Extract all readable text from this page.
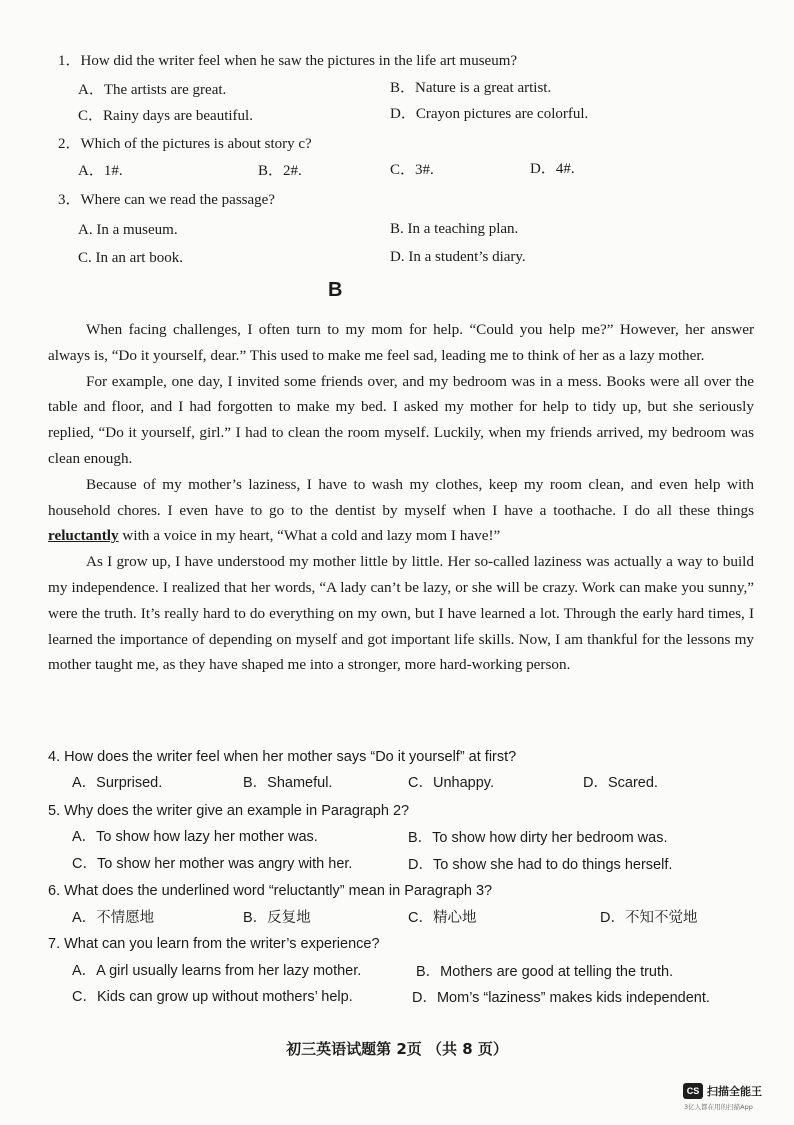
1．How did the writer feel when he saw the pictures in the life art museum?
A．The artists are great.	B．Nature is a great artist.
C．Rainy days are beautiful.	D．Crayon pictures are colorful.
2．Which of the pictures is about story c?
A．1#.	B．2#.	C．3#.	D．4#.
3．Where can we read the passage?
A. In a museum.	B. In a teaching plan.
C. In an art book.	D. In a student’s diary.
B

When facing challenges, I often turn to my mom for help. “Could you help me?” However, her answer always is, “Do it yourself, dear.” This used to make me feel sad, leading me to think of her as a lazy mother.

For example, one day, I invited some friends over, and my bedroom was in a mess. Books were all over the table and floor, and I had forgotten to make my bed. I asked my mother for help to tidy up, but she seriously replied, “Do it yourself, girl.” I had to clean the room myself. Luckily, when my friends arrived, my bedroom was clean enough.

Because of my mother’s laziness, I have to wash my clothes, keep my room clean, and even help with household chores. I even have to go to the dentist by myself when I have a toothache. I do all these things reluctantly with a voice in my heart, “What a cold and lazy mom I have!”

As I grow up, I have understood my mother little by little. Her so-called laziness was actually a way to build my independence. I realized that her words, “A lady can’t be lazy, or she will be crazy. Work can make you sunny,” were the truth. It’s really hard to do everything on my own, but I have learned a lot. Through the early hard times, I learned the importance of depending on myself and got important life skills. Now, I am thankful for the lessons my mother taught me, as they have shaped me into a stronger, more hard-working person.

4. How does the writer feel when her mother says “Do it yourself” at first?
A．Surprised.	B．Shameful.	C．Unhappy.	D．Scared.
5. Why does the writer give an example in Paragraph 2?
A．To show how lazy her mother was.	B．To show how dirty her bedroom was.
C．To show her mother was angry with her.	D．To show she had to do things herself.
6. What does the underlined word “reluctantly” mean in Paragraph 3?
A．不情愿地	B．反复地	C．精心地	D．不知不觉地
7. What can you learn from the writer’s experience?
A．A girl usually learns from her lazy mother.	B．Mothers are good at telling the truth.
C．Kids can grow up without mothers’ help.	D．Mom’s “laziness” makes kids independent.
初三英语试题第 2页 （共 8 页）
CS 扫描全能王
3亿人都在用的扫描App
